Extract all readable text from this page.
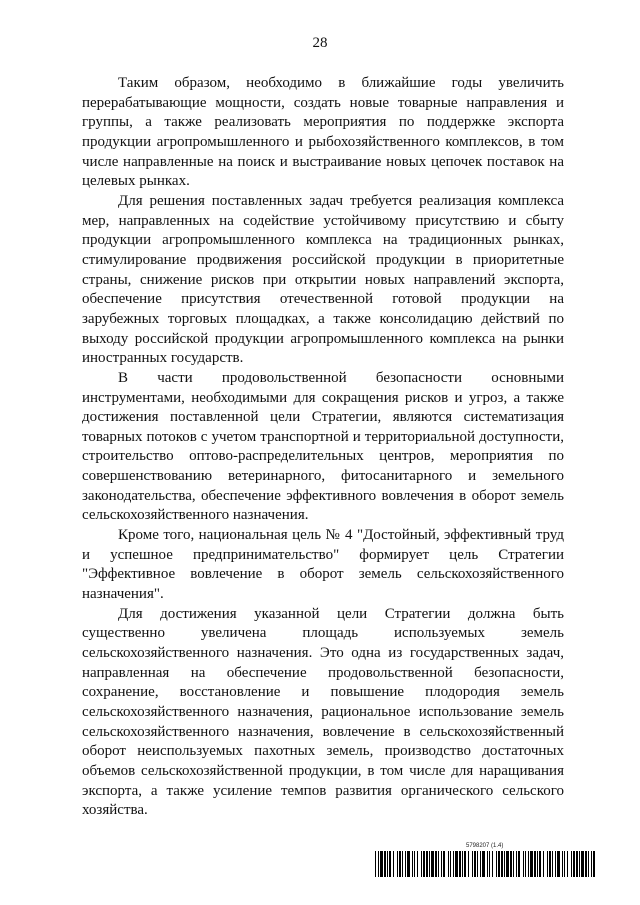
28

Таким образом, необходимо в ближайшие годы увеличить перерабатывающие мощности, создать новые товарные направления и группы, а также реализовать мероприятия по поддержке экспорта продукции агропромышленного и рыбохозяйственного комплексов, в том числе направленные на поиск и выстраивание новых цепочек поставок на целевых рынках.

Для решения поставленных задач требуется реализация комплекса мер, направленных на содействие устойчивому присутствию и сбыту продукции агропромышленного комплекса на традиционных рынках, стимулирование продвижения российской продукции в приоритетные страны, снижение рисков при открытии новых направлений экспорта, обеспечение присутствия отечественной готовой продукции на зарубежных торговых площадках, а также консолидацию действий по выходу российской продукции агропромышленного комплекса на рынки иностранных государств.

В части продовольственной безопасности основными инструментами, необходимыми для сокращения рисков и угроз, а также достижения поставленной цели Стратегии, являются систематизация товарных потоков с учетом транспортной и территориальной доступности, строительство оптово-распределительных центров, мероприятия по совершенствованию ветеринарного, фитосанитарного и земельного законодательства, обеспечение эффективного вовлечения в оборот земель сельскохозяйственного назначения.

Кроме того, национальная цель № 4 "Достойный, эффективный труд и успешное предпринимательство" формирует цель Стратегии "Эффективное вовлечение в оборот земель сельскохозяйственного назначения".

Для достижения указанной цели Стратегии должна быть существенно увеличена площадь используемых земель сельскохозяйственного назначения. Это одна из государственных задач, направленная на обеспечение продовольственной безопасности, сохранение, восстановление и повышение плодородия земель сельскохозяйственного назначения, рациональное использование земель сельскохозяйственного назначения, вовлечение в сельскохозяйственный оборот неиспользуемых пахотных земель, производство достаточных объемов сельскохозяйственной продукции, в том числе для наращивания экспорта, а также усиление темпов развития органического сельского хозяйства.

5798207 (1.4)
